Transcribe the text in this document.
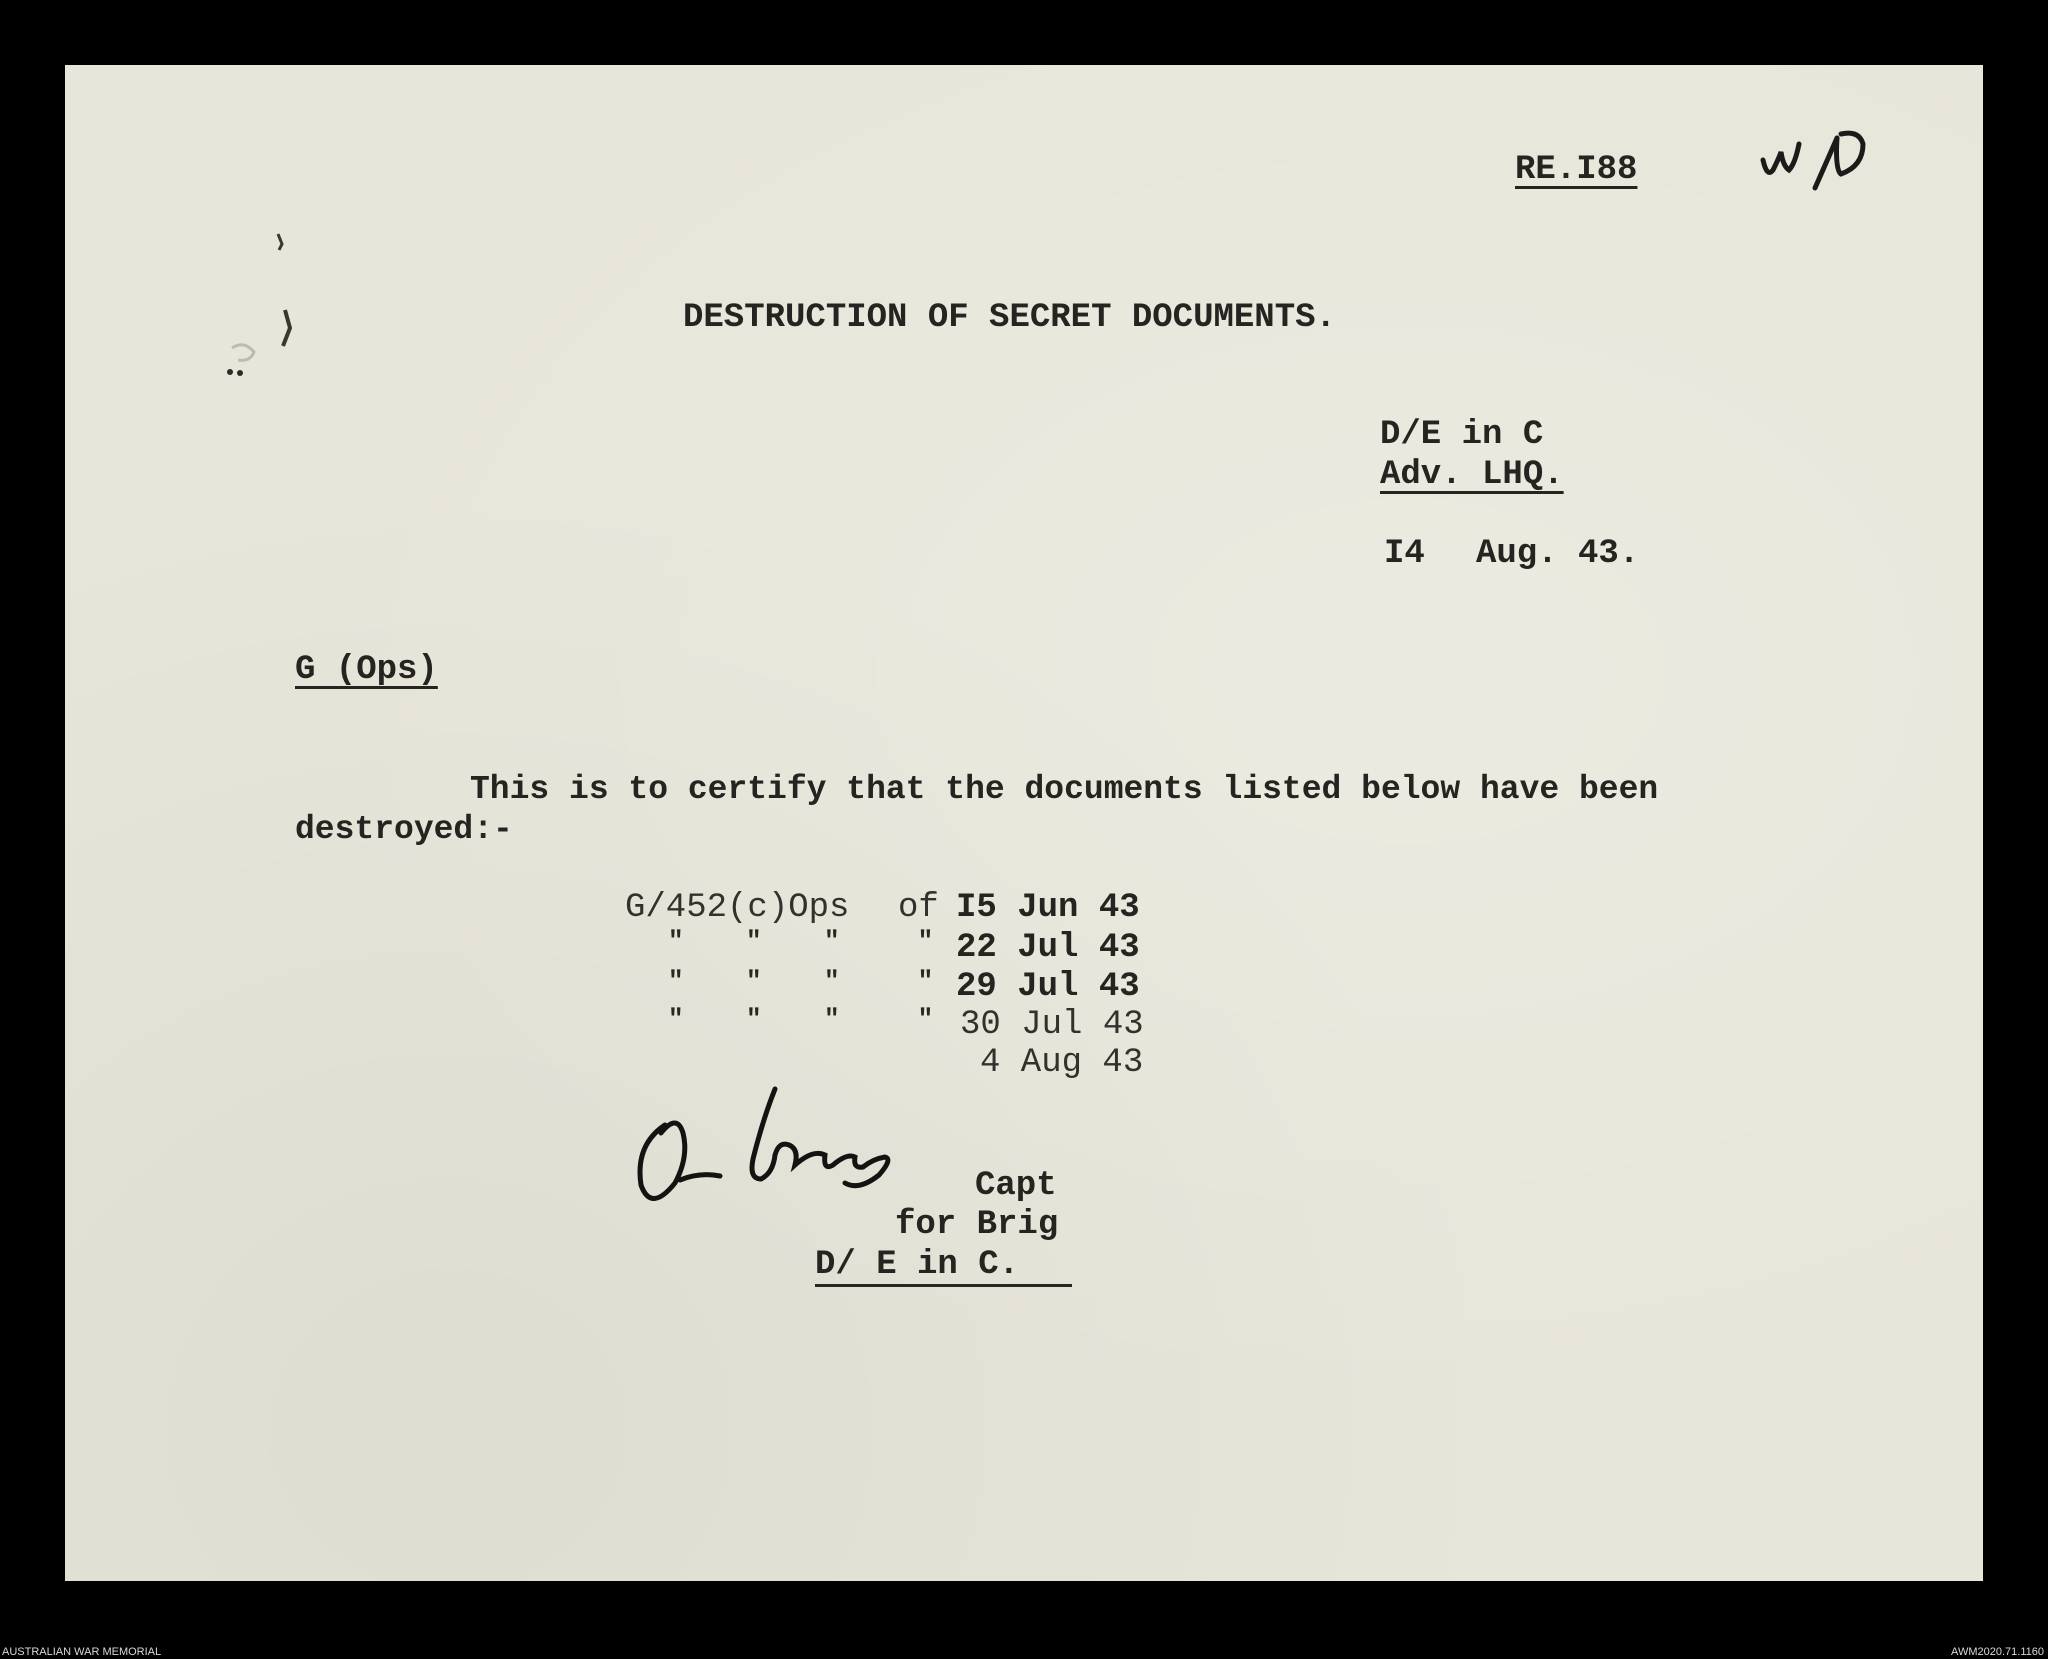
RE.I88
DESTRUCTION OF SECRET DOCUMENTS.
D/E in C
Adv. LHQ.
I4 Aug. 43.
G (Ops)
This is to certify that the documents listed below have been
destroyed:-
G/452(c)Ops of I5 Jun 43
"    "    "     " 22 Jul 43
"    "    "     " 29 Jul 43
"    "    "     " 30 Jul 43
4 Aug 43
Capt
for Brig
D/ E in C.
AUSTRALIAN WAR MEMORIAL	AWM2020.71.1160
